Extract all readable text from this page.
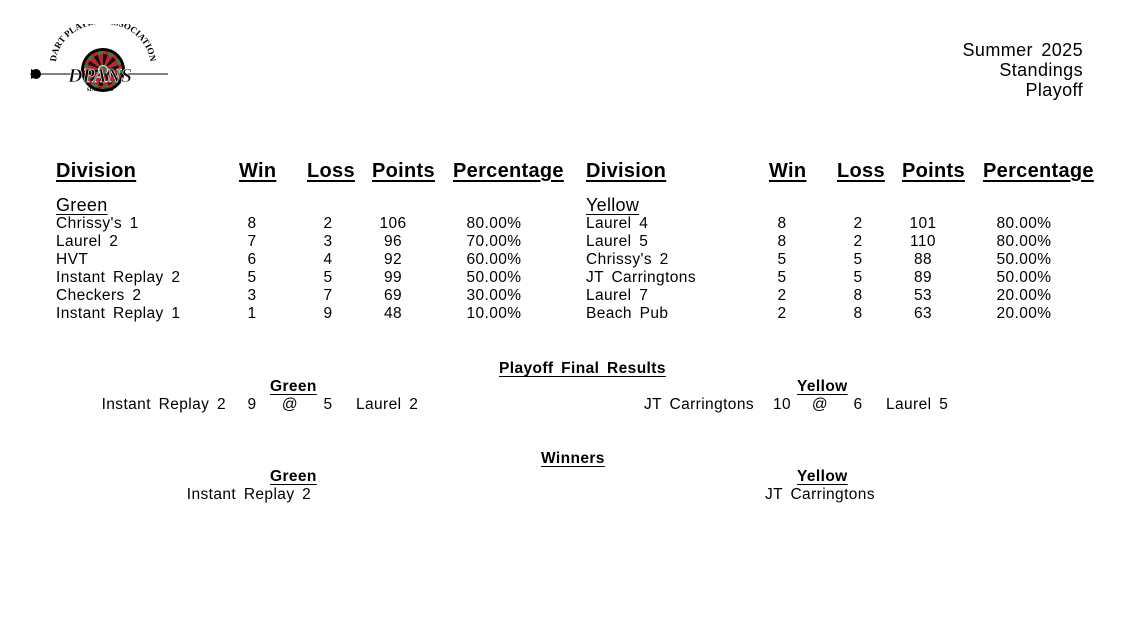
DART PLAY OCIATION
DPANS
SINCE 2016
Summer 2025
Standings
Playoff
Division	Win Loss Points Percentage Division	Win Loss Points Percentage
Green	Yellow
Chrissy's 1	8	2	106	80.00%
Laurel 2	7	3	96	70.00%
HVT	6	4	92	60.00%
Instant Replay 2	5	5	99	50.00%
Checkers 2	3	7	69	30.00%
Instant Replay 1	1	9	48	10.00%
Laurel 4	8	2	101	80.00%
Laurel 5	8	2	110	80.00%
Chrissy's 2	5	5	88	50.00%
JT Carringtons	5	5	89	50.00%
Laurel 7	2	8	53	20.00%
Beach Pub	2	8	63	20.00%
Playoff Final Results
Green	Yellow
Instant Replay 2	9	@	5	Laurel 2	JT Carringtons	10	@	6	Laurel 5
Winners
Green	Yellow
Instant Replay 2	JT Carringtons
